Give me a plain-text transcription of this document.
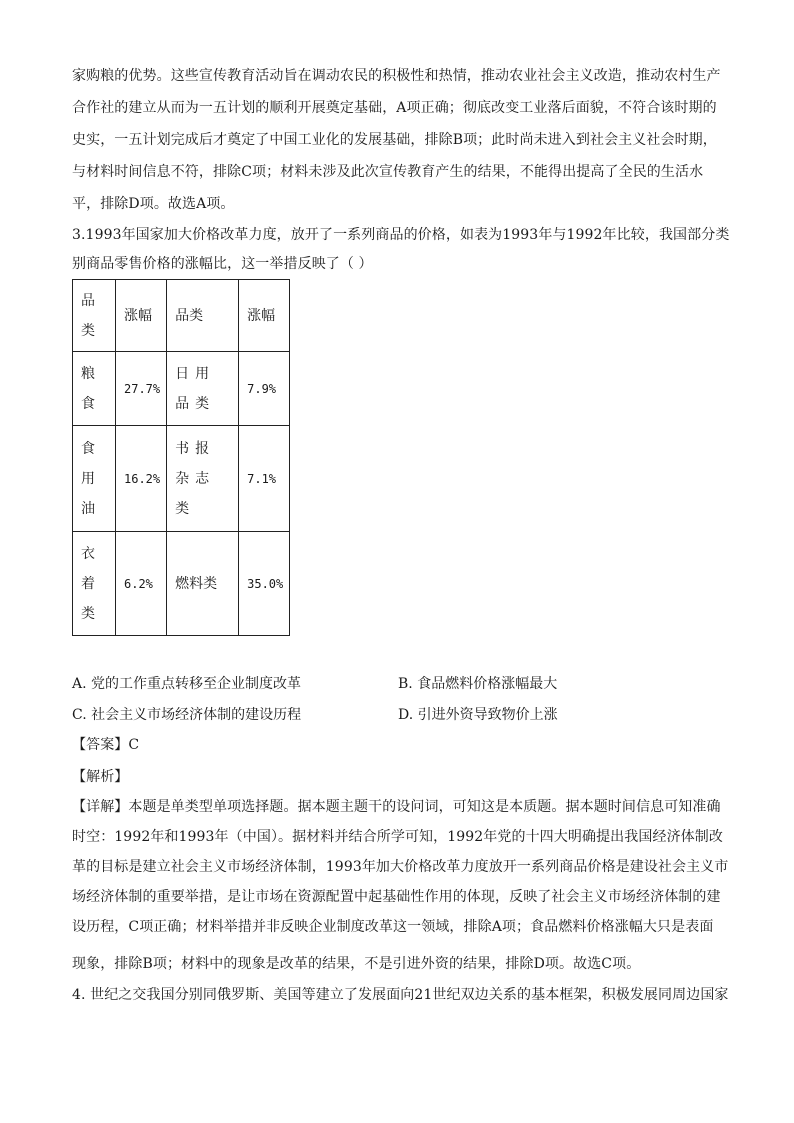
家购粮的优势。这些宣传教育活动旨在调动农民的积极性和热情，推动农业社会主义改造，推动农村生产
合作社的建立从而为一五计划的顺利开展奠定基础，A项正确；彻底改变工业落后面貌，不符合该时期的
史实，一五计划完成后才奠定了中国工业化的发展基础，排除B项；此时尚未进入到社会主义社会时期，
与材料时间信息不符，排除C项；材料未涉及此次宣传教育产生的结果，不能得出提高了全民的生活水
平，排除D项。故选A项。
3.1993年国家加大价格改革力度，放开了一系列商品的价格，如表为1993年与1992年比较，我国部分类
别商品零售价格的涨幅比，这一举措反映了（ ）
品类	涨幅	品类	涨幅

粮食	27.7%	日用品类	7.9%

食用油	16.2%	书报杂志类	7.1%

衣着类	6.2%	燃料类	35.0%
A. 党的工作重点转移至企业制度改革	B. 食品燃料价格涨幅最大
C. 社会主义市场经济体制的建设历程	D. 引进外资导致物价上涨
【答案】C
【解析】
【详解】本题是单类型单项选择题。据本题主题干的设问词，可知这是本质题。据本题时间信息可知准确
时空：1992年和1993年（中国）。据材料并结合所学可知，1992年党的十四大明确提出我国经济体制改
革的目标是建立社会主义市场经济体制，1993年加大价格改革力度放开一系列商品价格是建设社会主义市
场经济体制的重要举措，是让市场在资源配置中起基础性作用的体现，反映了社会主义市场经济体制的建
设历程，C项正确；材料举措并非反映企业制度改革这一领域，排除A项；食品燃料价格涨幅大只是表面
现象，排除B项；材料中的现象是改革的结果，不是引进外资的结果，排除D项。故选C项。
4. 世纪之交我国分别同俄罗斯、美国等建立了发展面向21世纪双边关系的基本框架，积极发展同周边国家
